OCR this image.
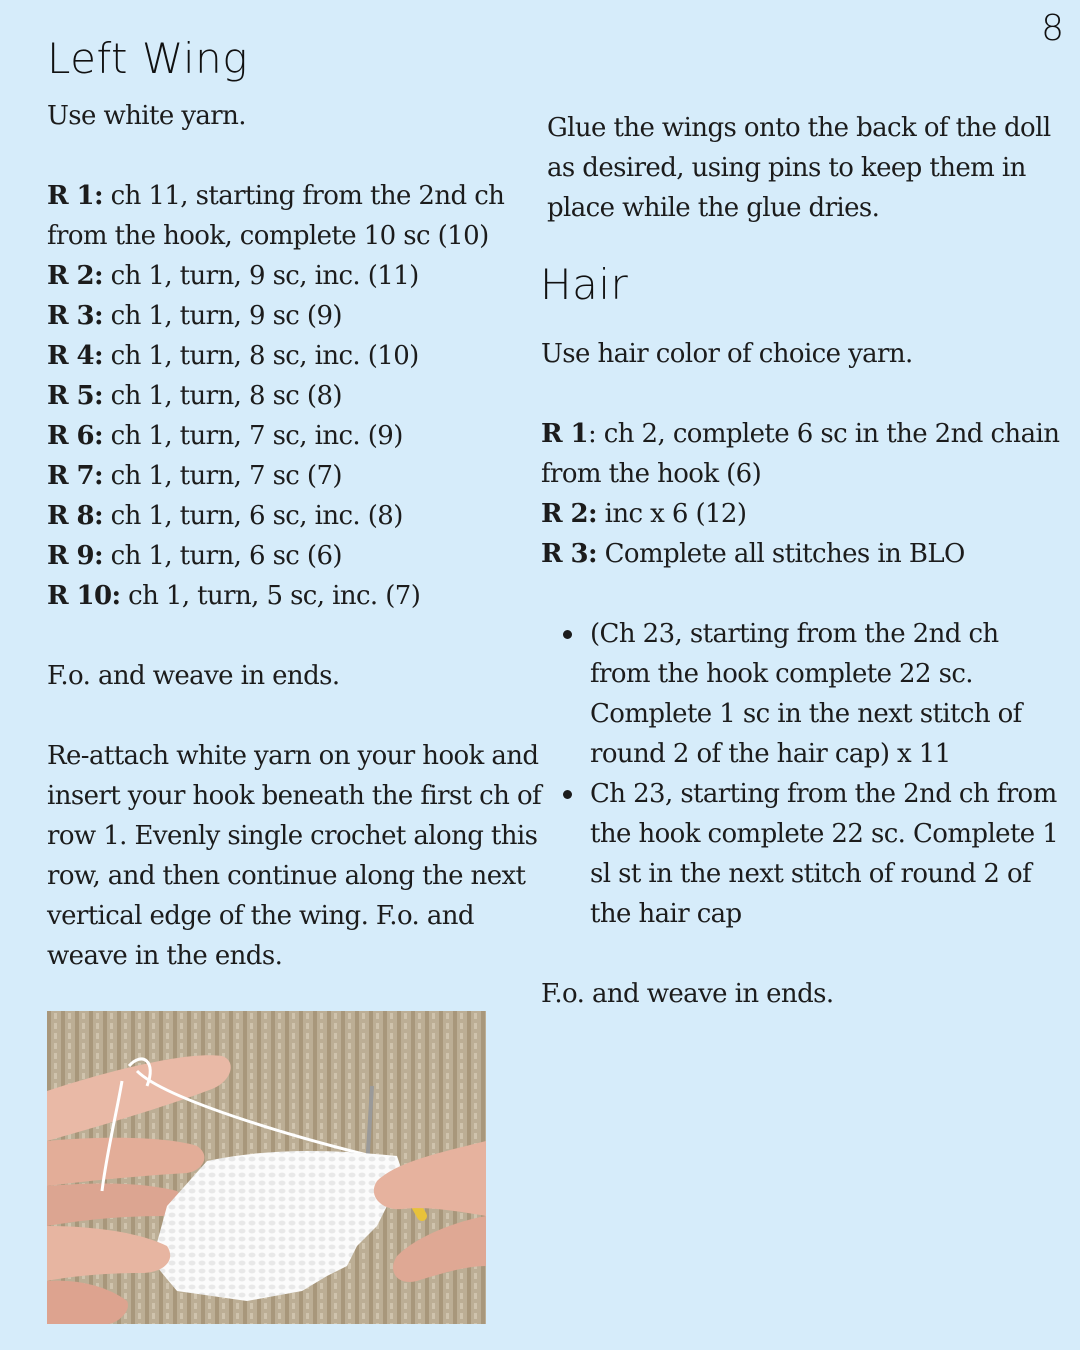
8
Left Wing
Use white yarn.
R 1: ch 11, starting from the 2nd ch
from the hook, complete 10 sc (10)
R 2: ch 1, turn, 9 sc, inc. (11)
R 3: ch 1, turn, 9 sc (9)
R 4: ch 1, turn, 8 sc, inc. (10)
R 5: ch 1, turn, 8 sc (8)
R 6: ch 1, turn, 7 sc, inc. (9)
R 7: ch 1, turn, 7 sc (7)
R 8: ch 1, turn, 6 sc, inc. (8)
R 9: ch 1, turn, 6 sc (6)
R 10: ch 1, turn, 5 sc, inc. (7)
F.o. and weave in ends.
Re-attach white yarn on your hook and
insert your hook beneath the first ch of
row 1. Evenly single crochet along this
row, and then continue along the next
vertical edge of the wing. F.o. and
weave in the ends.
Glue the wings onto the back of the doll
as desired, using pins to keep them in
place while the glue dries.
Hair
Use hair color of choice yarn.
R 1: ch 2, complete 6 sc in the 2nd chain
from the hook (6)
R 2: inc x 6 (12)
R 3: Complete all stitches in BLO
(Ch 23, starting from the 2nd ch
from the hook complete 22 sc.
Complete 1 sc in the next stitch of
round 2 of the hair cap) x 11
Ch 23, starting from the 2nd ch from
the hook complete 22 sc. Complete 1
sl st in the next stitch of round 2 of
the hair cap
F.o. and weave in ends.
